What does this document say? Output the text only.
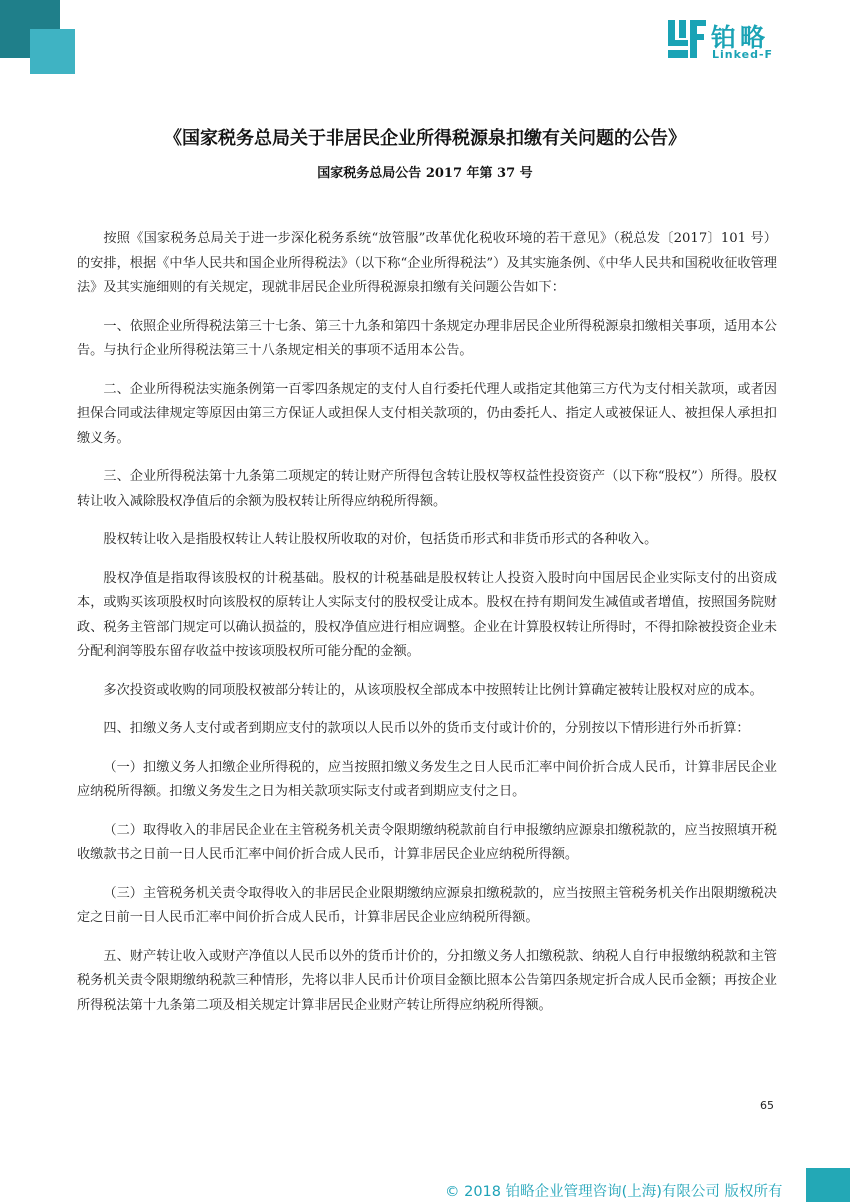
铂略
Linked-F
《国家税务总局关于非居民企业所得税源泉扣缴有关问题的公告》
国家税务总局公告 2017 年第 37 号

按照《国家税务总局关于进一步深化税务系统“放管服”改革优化税收环境的若干意见》（税总发〔2017〕101 号）的安排，根据《中华人民共和国企业所得税法》（以下称“企业所得税法”）及其实施条例、《中华人民共和国税收征收管理法》及其实施细则的有关规定，现就非居民企业所得税源泉扣缴有关问题公告如下：

一、依照企业所得税法第三十七条、第三十九条和第四十条规定办理非居民企业所得税源泉扣缴相关事项，适用本公告。与执行企业所得税法第三十八条规定相关的事项不适用本公告。

二、企业所得税法实施条例第一百零四条规定的支付人自行委托代理人或指定其他第三方代为支付相关款项，或者因担保合同或法律规定等原因由第三方保证人或担保人支付相关款项的，仍由委托人、指定人或被保证人、被担保人承担扣缴义务。

三、企业所得税法第十九条第二项规定的转让财产所得包含转让股权等权益性投资资产（以下称“股权”）所得。股权转让收入减除股权净值后的余额为股权转让所得应纳税所得额。

股权转让收入是指股权转让人转让股权所收取的对价，包括货币形式和非货币形式的各种收入。

股权净值是指取得该股权的计税基础。股权的计税基础是股权转让人投资入股时向中国居民企业实际支付的出资成本，或购买该项股权时向该股权的原转让人实际支付的股权受让成本。股权在持有期间发生减值或者增值，按照国务院财政、税务主管部门规定可以确认损益的，股权净值应进行相应调整。企业在计算股权转让所得时，不得扣除被投资企业未分配利润等股东留存收益中按该项股权所可能分配的金额。

多次投资或收购的同项股权被部分转让的，从该项股权全部成本中按照转让比例计算确定被转让股权对应的成本。

四、扣缴义务人支付或者到期应支付的款项以人民币以外的货币支付或计价的，分别按以下情形进行外币折算：

（一）扣缴义务人扣缴企业所得税的，应当按照扣缴义务发生之日人民币汇率中间价折合成人民币，计算非居民企业应纳税所得额。扣缴义务发生之日为相关款项实际支付或者到期应支付之日。

（二）取得收入的非居民企业在主管税务机关责令限期缴纳税款前自行申报缴纳应源泉扣缴税款的，应当按照填开税收缴款书之日前一日人民币汇率中间价折合成人民币，计算非居民企业应纳税所得额。

（三）主管税务机关责令取得收入的非居民企业限期缴纳应源泉扣缴税款的，应当按照主管税务机关作出限期缴税决定之日前一日人民币汇率中间价折合成人民币，计算非居民企业应纳税所得额。

五、财产转让收入或财产净值以人民币以外的货币计价的，分扣缴义务人扣缴税款、纳税人自行申报缴纳税款和主管税务机关责令限期缴纳税款三种情形，先将以非人民币计价项目金额比照本公告第四条规定折合成人民币金额；再按企业所得税法第十九条第二项及相关规定计算非居民企业财产转让所得应纳税所得额。

65
© 2018 铂略企业管理咨询(上海)有限公司 版权所有
